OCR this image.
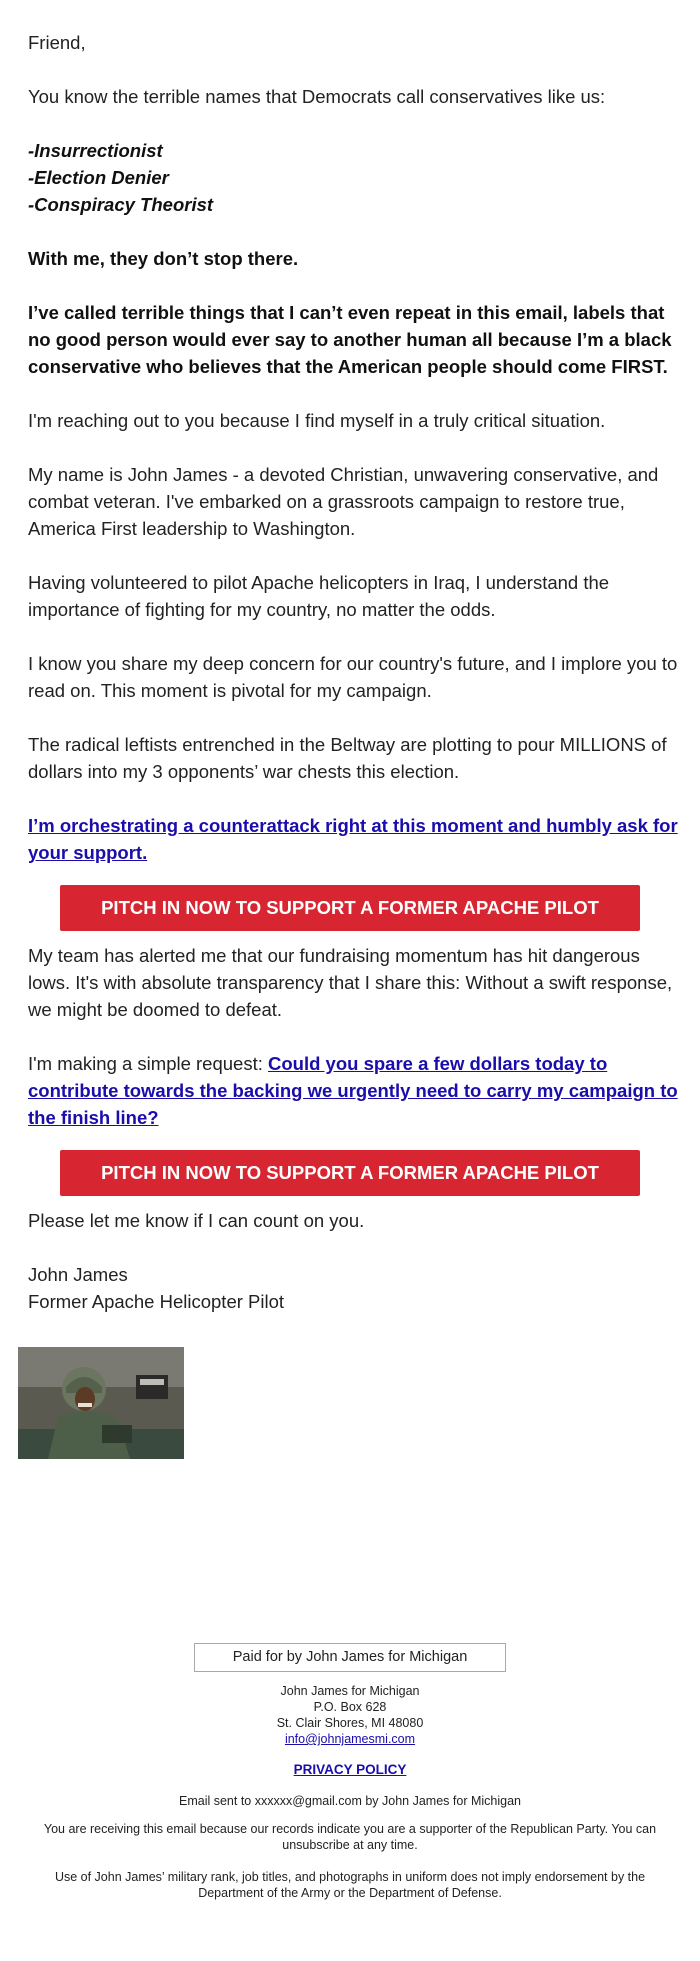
Friend,

You know the terrible names that Democrats call conservatives like us:

-Insurrectionist
-Election Denier
-Conspiracy Theorist

With me, they don’t stop there.

I’ve called terrible things that I can’t even repeat in this email, labels that no good person would ever say to another human all because I’m a black conservative who believes that the American people should come FIRST.

I'm reaching out to you because I find myself in a truly critical situation.

My name is John James - a devoted Christian, unwavering conservative, and combat veteran. I've embarked on a grassroots campaign to restore true, America First leadership to Washington.

Having volunteered to pilot Apache helicopters in Iraq, I understand the importance of fighting for my country, no matter the odds.

I know you share my deep concern for our country's future, and I implore you to read on. This moment is pivotal for my campaign.

The radical leftists entrenched in the Beltway are plotting to pour MILLIONS of dollars into my 3 opponents’ war chests this election.

I’m orchestrating a counterattack right at this moment and humbly ask for your support.

PITCH IN NOW TO SUPPORT A FORMER APACHE PILOT

My team has alerted me that our fundraising momentum has hit dangerous lows. It's with absolute transparency that I share this: Without a swift response, we might be doomed to defeat.

I'm making a simple request: Could you spare a few dollars today to contribute towards the backing we urgently need to carry my campaign to the finish line?

PITCH IN NOW TO SUPPORT A FORMER APACHE PILOT

Please let me know if I can count on you.

John James
Former Apache Helicopter Pilot

Paid for by John James for Michigan
John James for Michigan
P.O. Box 628
St. Clair Shores, MI 48080
info@johnjamesmi.com
PRIVACY POLICY
Email sent to xxxxxx@gmail.com by John James for Michigan
You are receiving this email because our records indicate you are a supporter of the Republican Party. You can unsubscribe at any time.
Use of John James’ military rank, job titles, and photographs in uniform does not imply endorsement by the Department of the Army or the Department of Defense.
